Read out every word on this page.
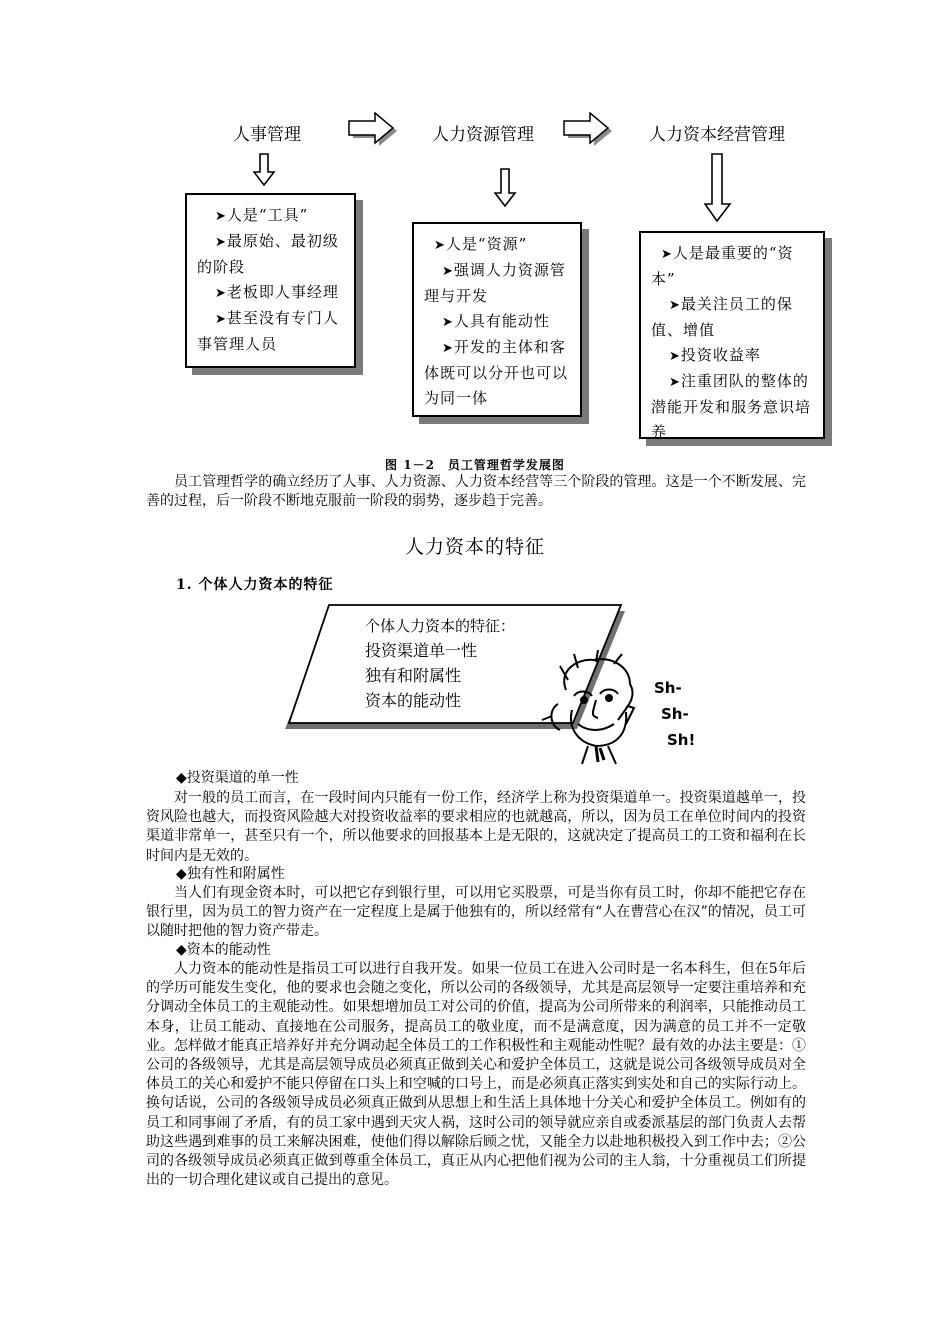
人事管理	人力资源管理	人力资本经营管理
➤人是“工具”
➤最原始、最初级的阶段
➤老板即人事经理
➤甚至没有专门人事管理人员
➤人是“资源”
➤强调人力资源管理与开发
➤人具有能动性
➤开发的主体和客体既可以分开也可以为同一体
➤人是最重要的“资本”
➤最关注员工的保值、增值
➤投资收益率
➤注重团队的整体的潜能开发和服务意识培养
图 1－2　员工管理哲学发展图
员工管理哲学的确立经历了人事、人力资源、人力资本经营等三个阶段的管理。这是一个不断发展、完善的过程，后一阶段不断地克服前一阶段的弱势，逐步趋于完善。
人力资本的特征
1. 个体人力资本的特征
个体人力资本的特征：
投资渠道单一性
独有和附属性
资本的能动性
Sh-
Sh-
Sh!
◆投资渠道的单一性
对一般的员工而言，在一段时间内只能有一份工作，经济学上称为投资渠道单一。投资渠道越单一，投资风险也越大，而投资风险越大对投资收益率的要求相应的也就越高，所以，因为员工在单位时间内的投资渠道非常单一，甚至只有一个，所以他要求的回报基本上是无限的，这就决定了提高员工的工资和福利在长时间内是无效的。
◆独有性和附属性
当人们有现金资本时，可以把它存到银行里，可以用它买股票，可是当你有员工时，你却不能把它存在银行里，因为员工的智力资产在一定程度上是属于他独有的，所以经常有“人在曹营心在汉”的情况，员工可以随时把他的智力资产带走。
◆资本的能动性
人力资本的能动性是指员工可以进行自我开发。如果一位员工在进入公司时是一名本科生，但在5年后的学历可能发生变化，他的要求也会随之变化，所以公司的各级领导，尤其是高层领导一定要注重培养和充分调动全体员工的主观能动性。如果想增加员工对公司的价值，提高为公司所带来的利润率，只能推动员工本身，让员工能动、直接地在公司服务，提高员工的敬业度，而不是满意度，因为满意的员工并不一定敬业。怎样做才能真正培养好并充分调动起全体员工的工作积极性和主观能动性呢？最有效的办法主要是：①公司的各级领导，尤其是高层领导成员必须真正做到关心和爱护全体员工，这就是说公司各级领导成员对全体员工的关心和爱护不能只停留在口头上和空喊的口号上，而是必须真正落实到实处和自己的实际行动上。换句话说，公司的各级领导成员必须真正做到从思想上和生活上具体地十分关心和爱护全体员工。例如有的员工和同事闹了矛盾，有的员工家中遇到天灾人祸，这时公司的领导就应亲自或委派基层的部门负责人去帮助这些遇到难事的员工来解决困难，使他们得以解除后顾之忧，又能全力以赴地积极投入到工作中去；②公司的各级领导成员必须真正做到尊重全体员工，真正从内心把他们视为公司的主人翁，十分重视员工们所提出的一切合理化建议或自己提出的意见。
